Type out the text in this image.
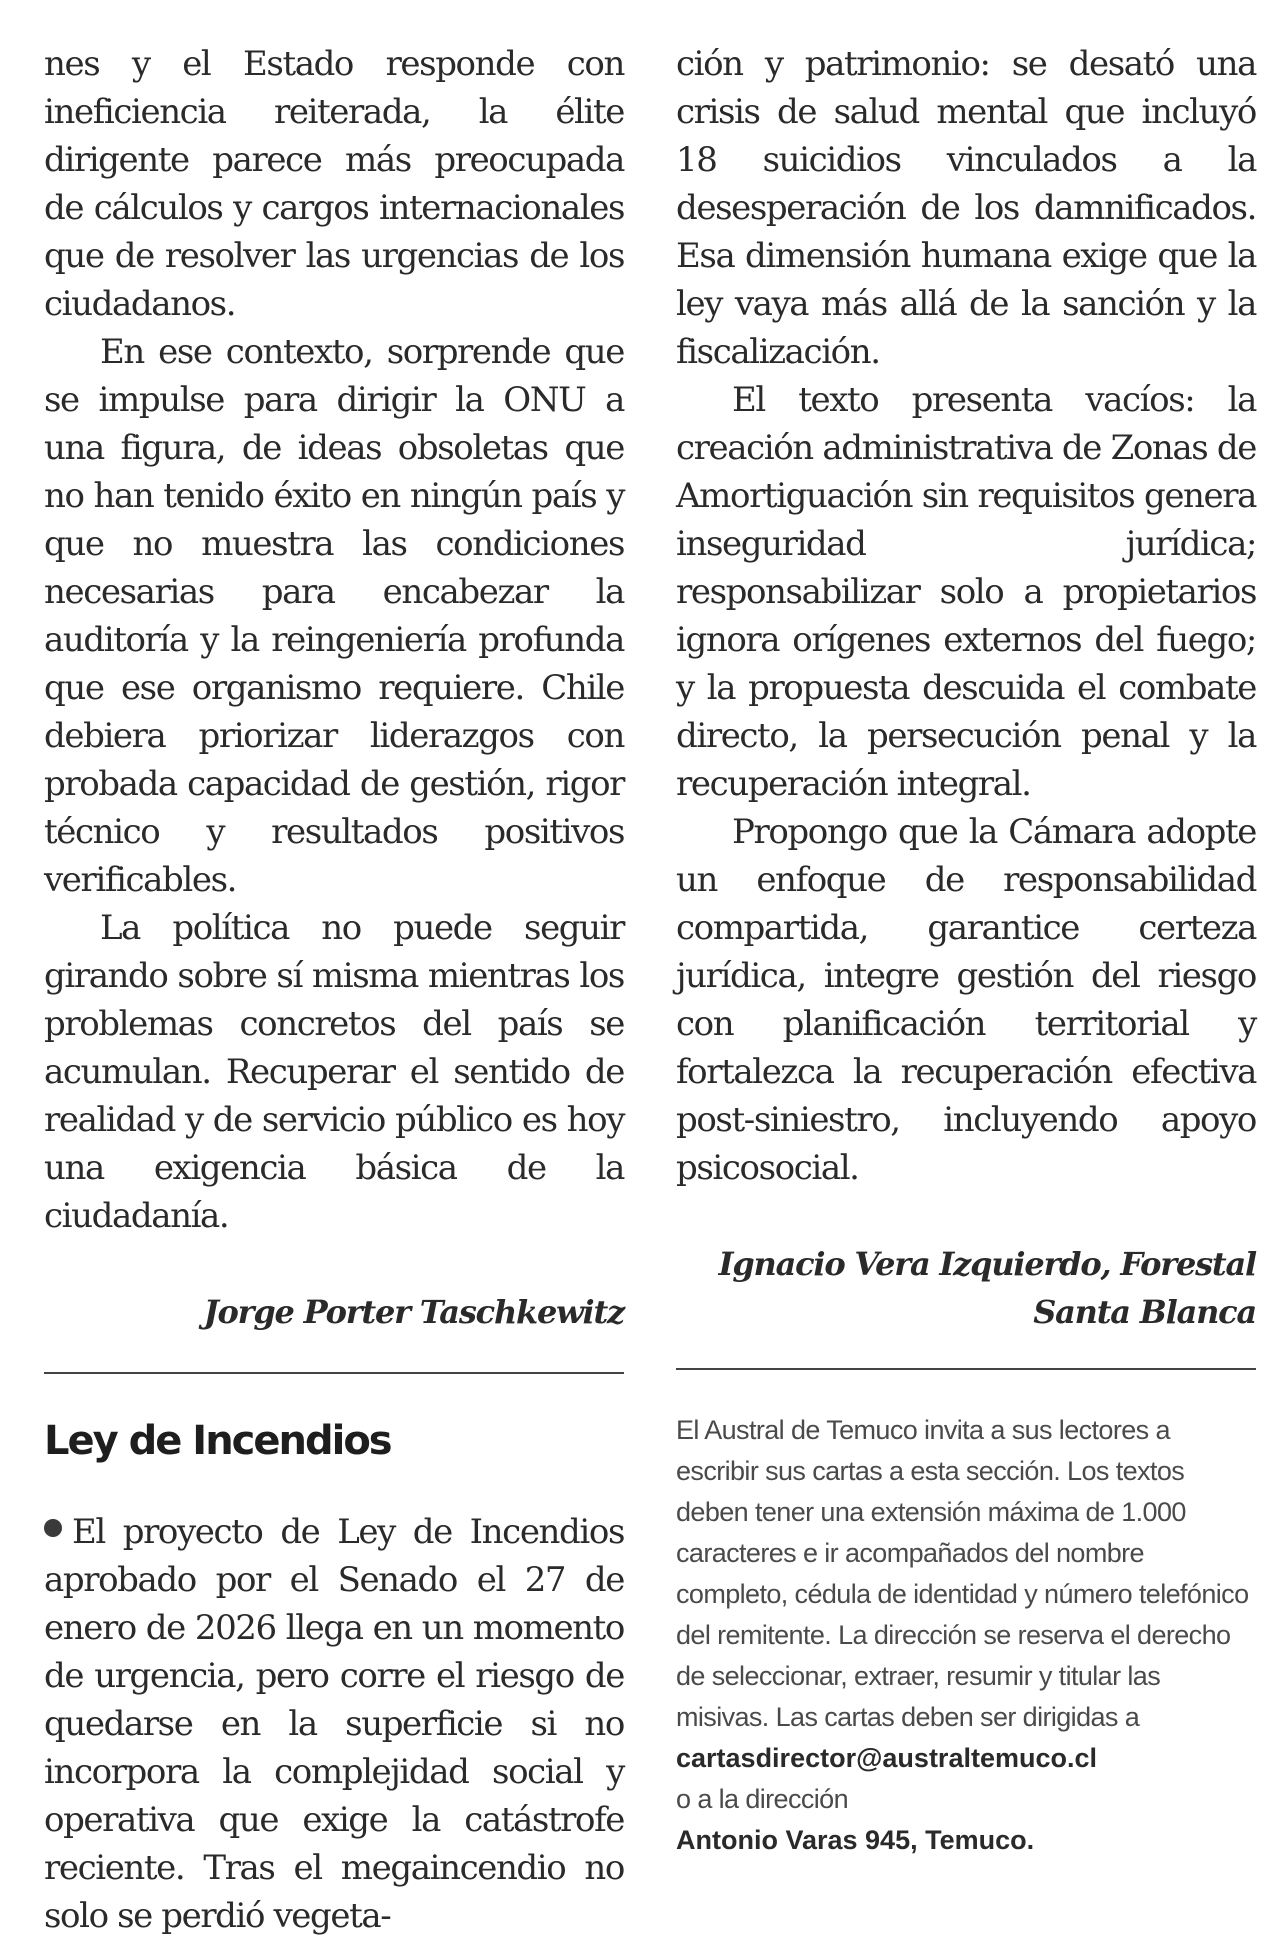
nes y el Estado responde con ineficiencia reiterada, la élite dirigente parece más preocupada de cálculos y cargos internacionales que de resolver las urgencias de los ciudadanos.

En ese contexto, sorprende que se impulse para dirigir la ONU a una figura, de ideas obsoletas que no han tenido éxito en ningún país y que no muestra las condiciones necesarias para encabezar la auditoría y la reingeniería profunda que ese organismo requiere. Chile debiera priorizar liderazgos con probada capacidad de gestión, rigor técnico y resultados positivos verificables.

La política no puede seguir girando sobre sí misma mientras los problemas concretos del país se acumulan. Recuperar el sentido de realidad y de servicio público es hoy una exigencia básica de la ciudadanía.

Jorge Porter Taschkewitz

Ley de Incendios

El proyecto de Ley de Incendios aprobado por el Senado el 27 de enero de 2026 llega en un momento de urgencia, pero corre el riesgo de quedarse en la superficie si no incorpora la complejidad social y operativa que exige la catástrofe reciente. Tras el megaincendio no solo se perdió vegeta-

ción y patrimonio: se desató una crisis de salud mental que incluyó 18 suicidios vinculados a la desesperación de los damnificados. Esa dimensión humana exige que la ley vaya más allá de la sanción y la fiscalización.

El texto presenta vacíos: la creación administrativa de Zonas de Amortiguación sin requisitos genera inseguridad jurídica; responsabilizar solo a propietarios ignora orígenes externos del fuego; y la propuesta descuida el combate directo, la persecución penal y la recuperación integral.

Propongo que la Cámara adopte un enfoque de responsabilidad compartida, garantice certeza jurídica, integre gestión del riesgo con planificación territorial y fortalezca la recuperación efectiva post-siniestro, incluyendo apoyo psicosocial.

Ignacio Vera Izquierdo, Forestal Santa Blanca

El Austral de Temuco invita a sus lectores a escribir sus cartas a esta sección. Los textos deben tener una extensión máxima de 1.000 caracteres e ir acompañados del nombre completo, cédula de identidad y número telefónico del remitente. La dirección se reserva el derecho de seleccionar, extraer, resumir y titular las misivas. Las cartas deben ser dirigidas a

cartasdirector@australtemuco.cl

o a la dirección

Antonio Varas 945, Temuco.
